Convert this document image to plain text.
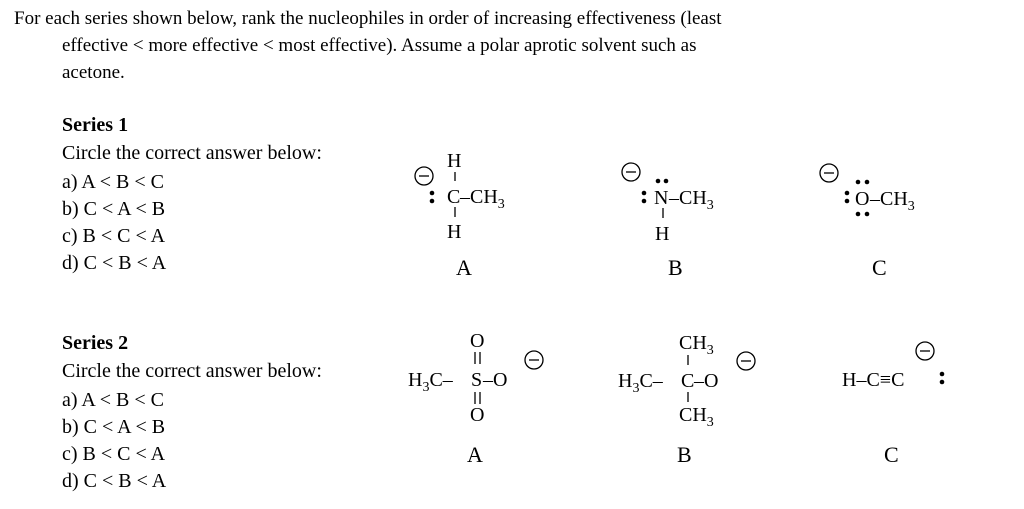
For each series shown below, rank the nucleophiles in order of increasing effectiveness (least
effective < more effective < most effective). Assume a polar aprotic solvent such as
acetone.
Series 1
Circle the correct answer below:
a) A < B < C
b) C < A < B
c) B < C < A
d) C < B < A
Series 2
Circle the correct answer below:
a) A < B < C
b) C < A < B
c) B < C < A
d) C < B < A
A	B	C
A	B	C
H
C $-CH_3$
H
N $-CH_3$
H
O $-CH_3$
O
$H_3C-$ S –O
O
$CH_3$
$H_3C-$ C –O
$CH_3$
H–C≡C
